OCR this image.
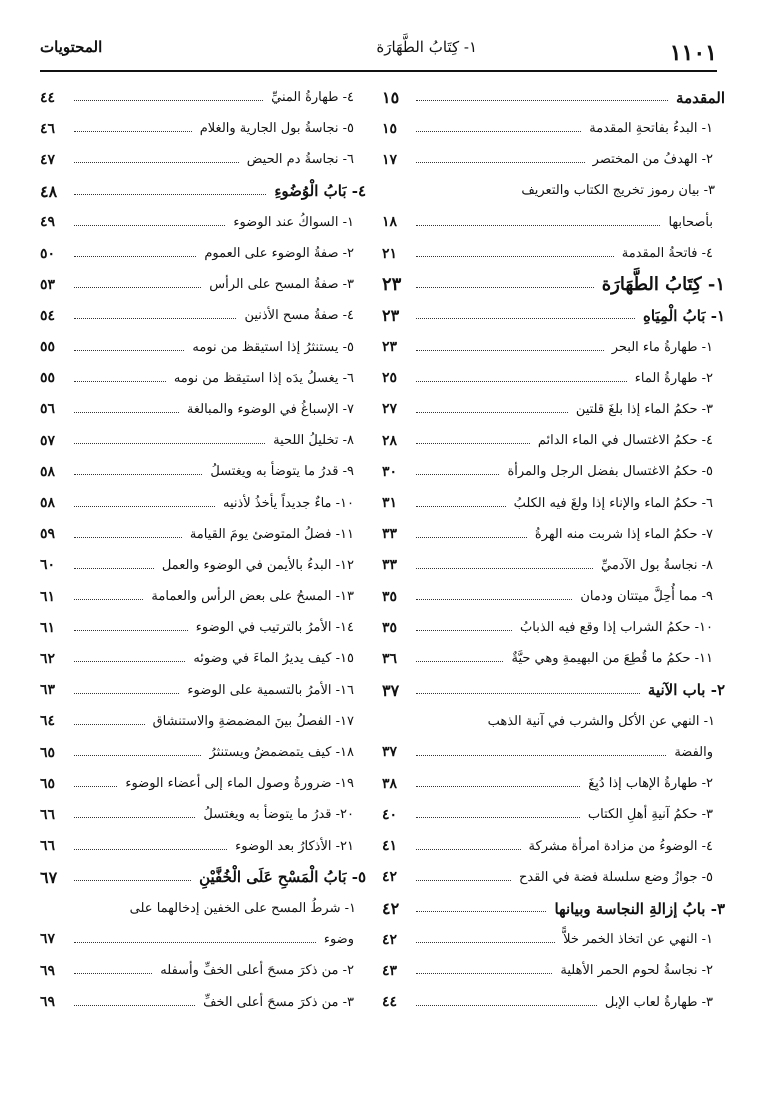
١١٠١
١- كِتَابُ الطَّهَارَة
المحتويات
المقدمة
١٥
١- البدءُ بفاتحةِ المقدمة
١٥
٢- الهدفُ من المختصر
١٧
٣- بيان رموز تخريج الكتاب والتعريف
بأصحابها
١٨
٤- فاتحةُ المقدمة
٢١
١- كِتَابُ الطَّهَارَة
٢٣
١- بَابُ الْمِيَاهِ
٢٣
١- طهارةُ ماء البحر
٢٣
٢- طهارةُ الماء
٢٥
٣- حكمُ الماء إذا بلغَ قلتين
٢٧
٤- حكمُ الاغتسال في الماء الدائم
٢٨
٥- حكمُ الاغتسال بفضل الرجل والمرأة
٣٠
٦- حكمُ الماء والإناء إذا ولغَ فيه الكلبُ
٣١
٧- حكمُ الماء إذا شربت منه الهرةُ
٣٣
٨- نجاسةُ بول الآدميِّ
٣٣
٩- مما أُحِلَّ ميتتان ودمان
٣٥
١٠- حكمُ الشراب إذا وقع فيه الذبابُ
٣٥
١١- حكمُ ما قُطِعَ من البهيمةِ وهي حيَّةٌ
٣٦
٢- باب الآنية
٣٧
١- النهي عن الأكل والشرب في آنية الذهب
والفضة
٣٧
٢- طهارةُ الإهاب إذا دُبِغَ
٣٨
٣- حكمُ آنيةِ أهلِ الكتاب
٤٠
٤- الوضوءُ من مزادة امرأة مشركة
٤١
٥- جوازُ وضع سلسلة فضة في القدح
٤٢
٣- بابُ إزالةِ النجاسة وبيانها
٤٢
١- النهي عن اتخاذ الخمر خلاًّ
٤٢
٢- نجاسةُ لحوم الحمر الأهلية
٤٣
٣- طهارةُ لعاب الإبل
٤٤
٤- طهارةُ المنيِّ
٤٤
٥- نجاسةُ بول الجارية والغلام
٤٦
٦- نجاسةُ دم الحيض
٤٧
٤- بَابُ الْوُضُوءِ
٤٨
١- السواكُ عند الوضوء
٤٩
٢- صفةُ الوضوء على العموم
٥٠
٣- صفةُ المسح على الرأس
٥٣
٤- صفةُ مسح الأذنين
٥٤
٥- يستنثرُ إذا استيقظ من نومه
٥٥
٦- يغسلُ يدَه إذا استيقظ من نومه
٥٥
٧- الإسباغُ في الوضوء والمبالغة
٥٦
٨- تخليلُ اللحية
٥٧
٩- قدرُ ما يتوضأ به ويغتسلُ
٥٨
١٠- ماءٌ جديداً يأخذُ لأذنيه
٥٨
١١- فضلُ المتوضئ يومَ القيامة
٥٩
١٢- البدءُ بالأيمن في الوضوء والعمل
٦٠
١٣- المسحُ على بعض الرأس والعمامة
٦١
١٤- الأمرُ بالترتيب في الوضوء
٦١
١٥- كيف يديرُ الماءَ في وضوئه
٦٢
١٦- الأمرُ بالتسمية على الوضوء
٦٣
١٧- الفصلُ بينَ المضمضةِ والاستنشاق
٦٤
١٨- كيف يتمضمضُ ويستنثرُ
٦٥
١٩- ضرورةُ وصول الماء إلى أعضاء الوضوء
٦٥
٢٠- قدرُ ما يتوضأ به ويغتسلُ
٦٦
٢١- الأذكارُ بعد الوضوء
٦٦
٥- بَابُ الْمَسْحِ عَلَى الْخُفَّيْنِ
٦٧
١- شرطُ المسح على الخفين إدخالهما على
وضوء
٦٧
٢- من ذكرَ مسحَ أعلى الخفِّ وأسفله
٦٩
٣- من ذكرَ مسحَ أعلى الخفِّ
٦٩
